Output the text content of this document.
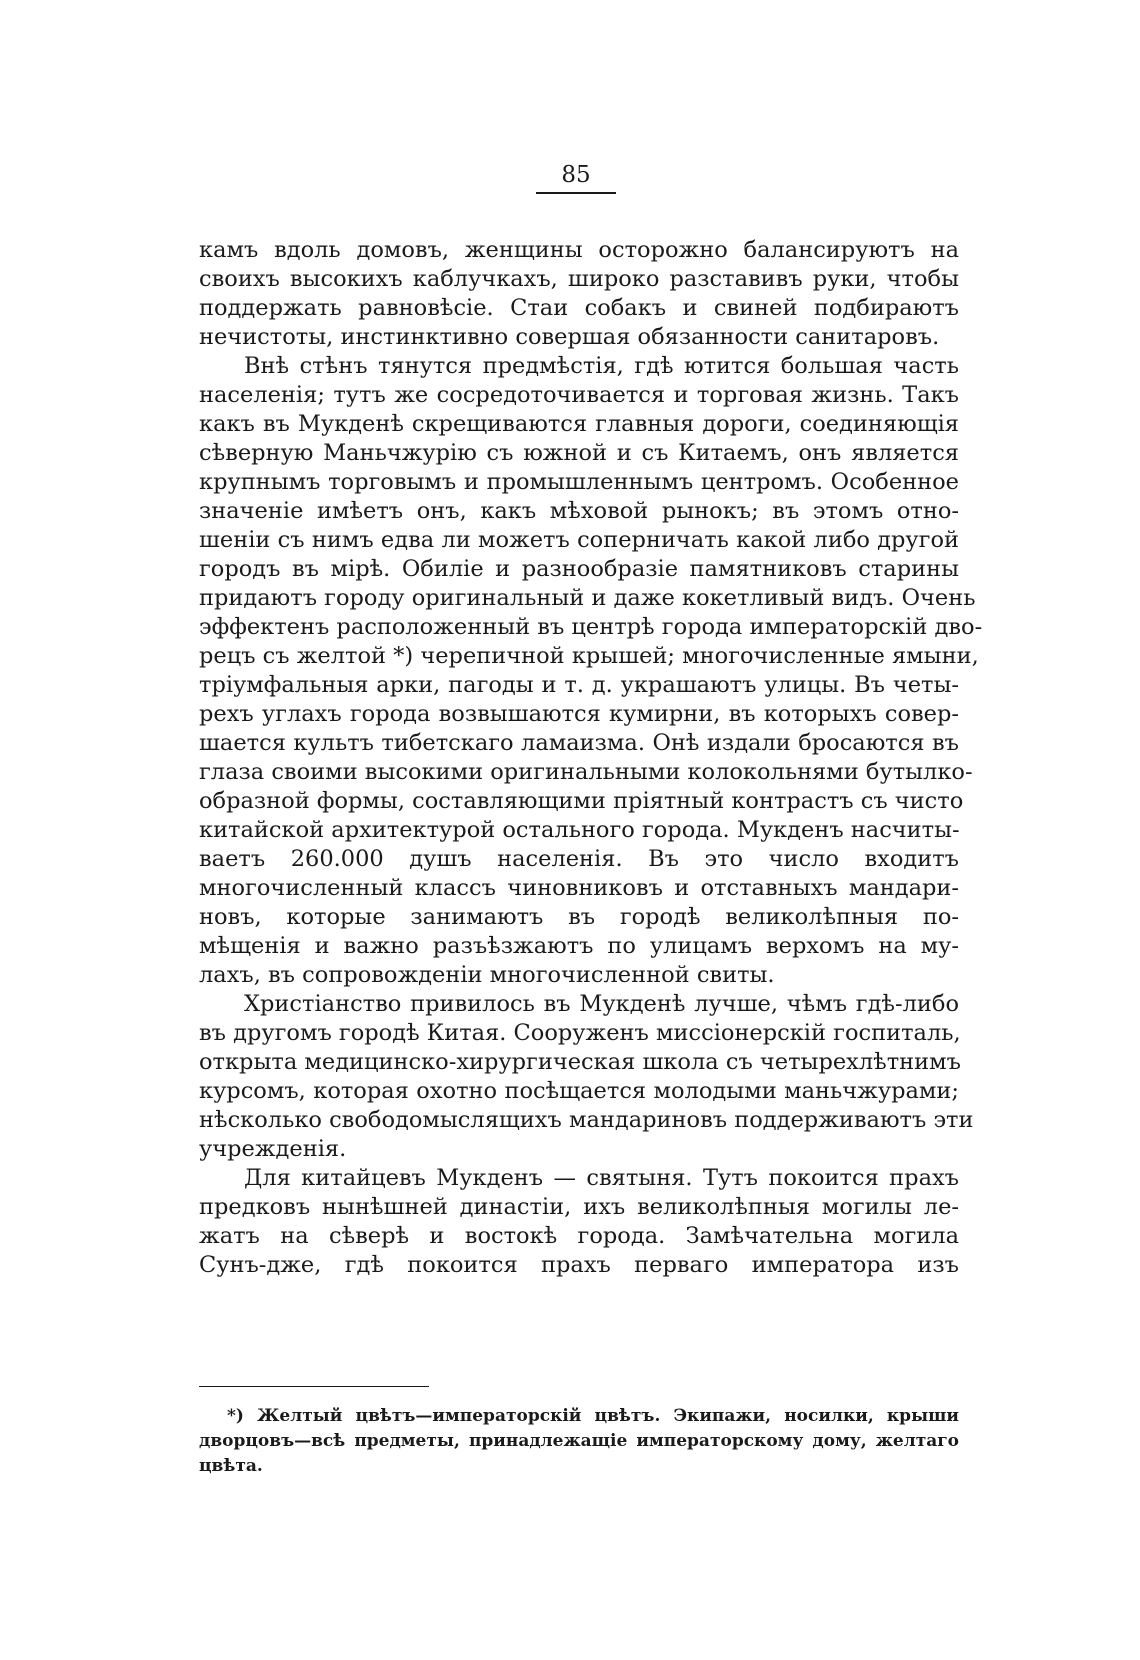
85
камъ вдоль домовъ, женщины осторожно балансируютъ на
своихъ высокихъ каблучкахъ, широко разставивъ руки, чтобы
поддержать равновѣсіе. Стаи собакъ и свиней подбираютъ
нечистоты, инстинктивно совершая обязанности санитаровъ.
Внѣ стѣнъ тянутся предмѣстія, гдѣ ютится большая часть
населенія; тутъ же сосредоточивается и торговая жизнь. Такъ
какъ въ Мукденѣ скрещиваются главныя дороги, соединяющія
сѣверную Маньчжурію съ южной и съ Китаемъ, онъ является
крупнымъ торговымъ и промышленнымъ центромъ. Особенное
значеніе имѣетъ онъ, какъ мѣховой рынокъ; въ этомъ отно-
шеніи съ нимъ едва ли можетъ соперничать какой либо другой
городъ въ мірѣ. Обиліе и разнообразіе памятниковъ старины
придаютъ городу оригинальный и даже кокетливый видъ. Очень
эффектенъ расположенный въ центрѣ города императорскій дво-
рецъ съ желтой *) черепичной крышей; многочисленные ямыни,
тріумфальныя арки, пагоды и т. д. украшаютъ улицы. Въ четы-
рехъ углахъ города возвышаются кумирни, въ которыхъ совер-
шается культъ тибетскаго ламаизма. Онѣ издали бросаются въ
глаза своими высокими оригинальными колокольнями бутылко-
образной формы, составляющими пріятный контрастъ съ чисто
китайской архитектурой остального города. Мукденъ насчиты-
ваетъ 260.000 душъ населенія. Въ это число входитъ
многочисленный классъ чиновниковъ и отставныхъ мандари-
новъ, которые занимаютъ въ городѣ великолѣпныя по-
мѣщенія и важно разъѣзжаютъ по улицамъ верхомъ на му-
лахъ, въ сопровожденіи многочисленной свиты.
Христіанство привилось въ Мукденѣ лучше, чѣмъ гдѣ-либо
въ другомъ городѣ Китая. Сооруженъ миссіонерскій госпиталь,
открыта медицинско-хирургическая школа съ четырехлѣтнимъ
курсомъ, которая охотно посѣщается молодыми маньчжурами;
нѣсколько свободомыслящихъ мандариновъ поддерживаютъ эти
учрежденія.
Для китайцевъ Мукденъ — святыня. Тутъ покоится прахъ
предковъ нынѣшней династіи, ихъ великолѣпныя могилы ле-
жатъ на сѣверѣ и востокѣ города. Замѣчательна могила
Сунъ-дже, гдѣ покоится прахъ перваго императора изъ
*) Желтый цвѣтъ—императорскій цвѣтъ. Экипажи, носилки, крыши
дворцовъ—всѣ предметы, принадлежащіе императорскому дому, желтаго
цвѣта.
